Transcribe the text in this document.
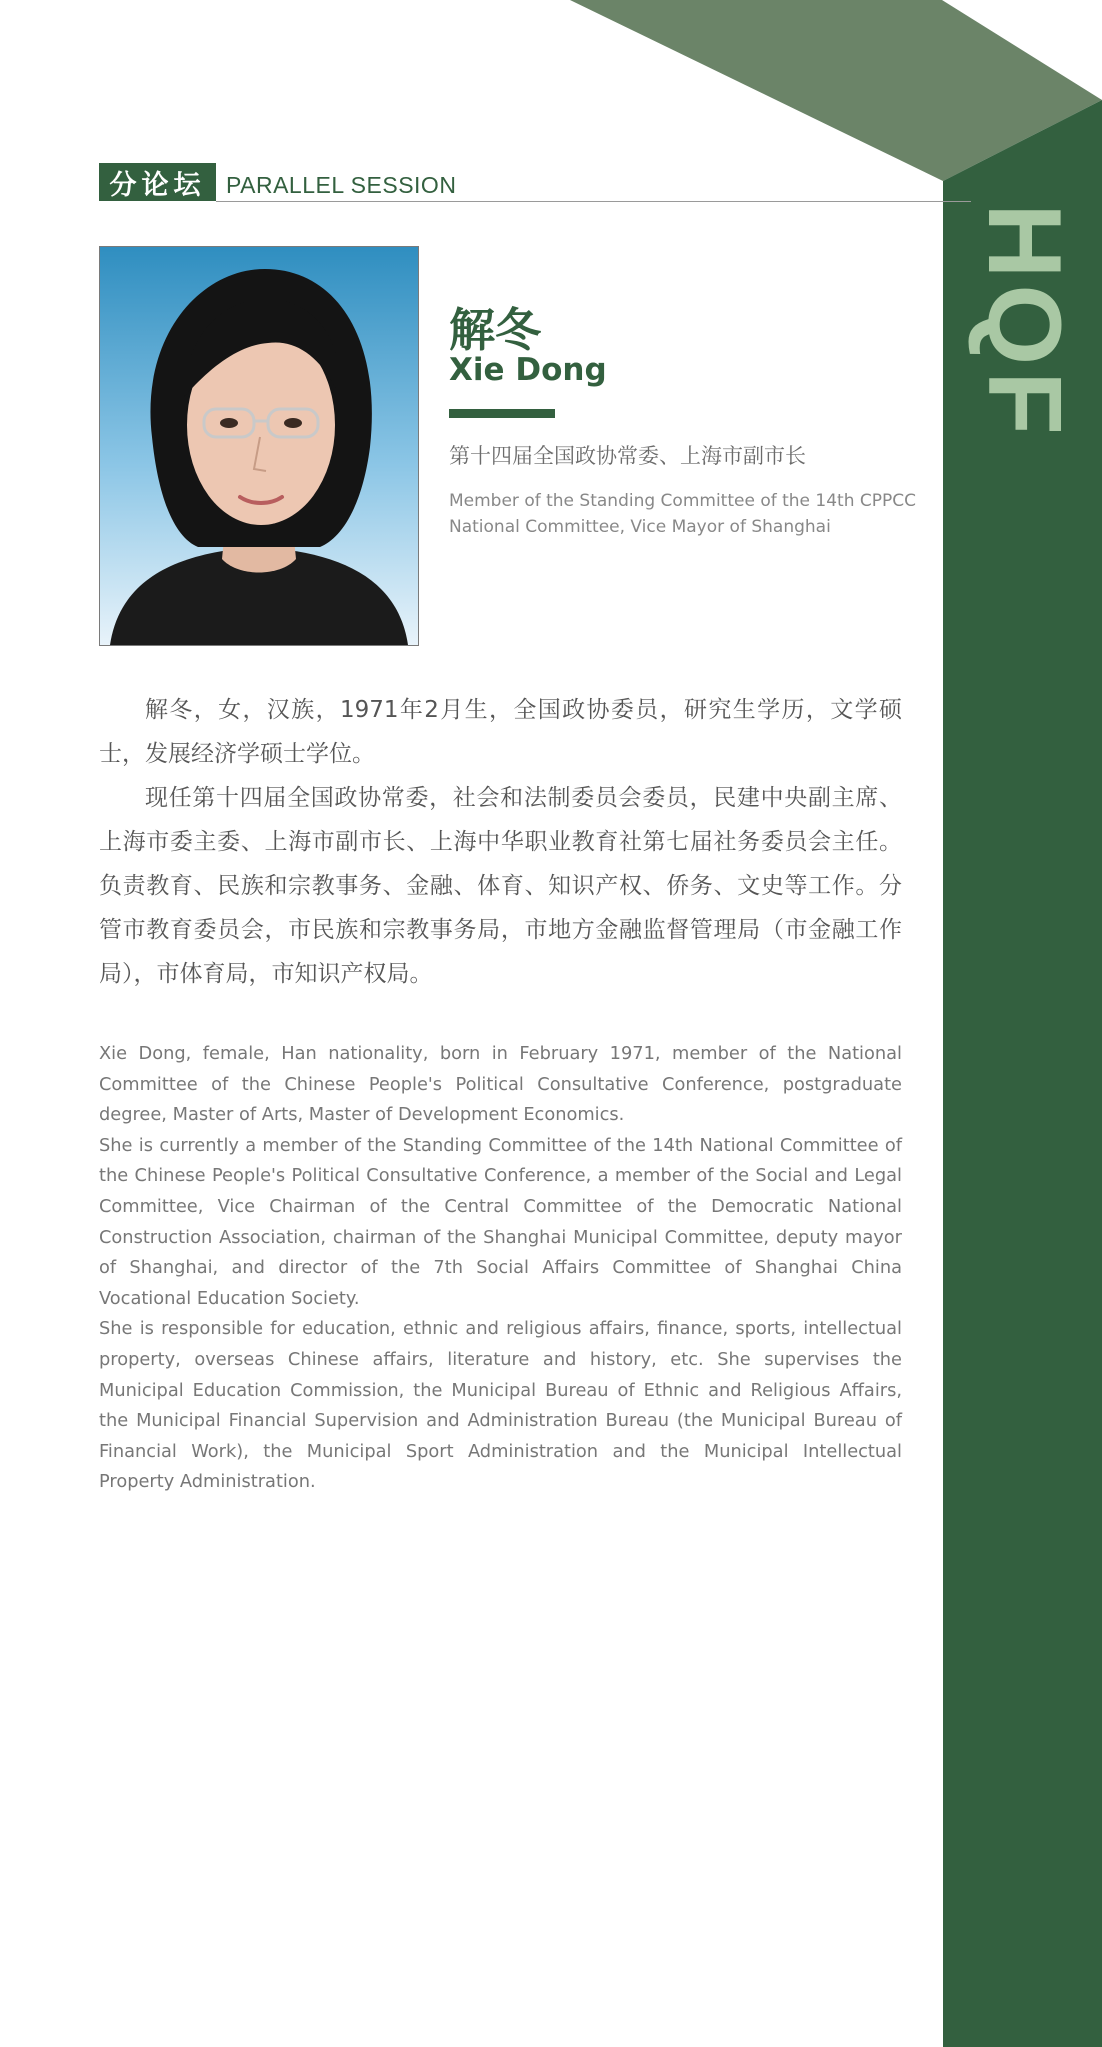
HQF
分论坛 PARALLEL SESSION
解冬
Xie Dong
第十四届全国政协常委、上海市副市长
Member of the Standing Committee of the 14th CPPCC National Committee, Vice Mayor of Shanghai

解冬，女，汉族，1971年2月生，全国政协委员，研究生学历，文学硕士，发展经济学硕士学位。

现任第十四届全国政协常委，社会和法制委员会委员，民建中央副主席、上海市委主委、上海市副市长、上海中华职业教育社第七届社务委员会主任。负责教育、民族和宗教事务、金融、体育、知识产权、侨务、文史等工作。分管市教育委员会，市民族和宗教事务局，市地方金融监督管理局（市金融工作局），市体育局，市知识产权局。

Xie Dong, female, Han nationality, born in February 1971, member of the National Committee of the Chinese People's Political Consultative Conference, postgraduate degree, Master of Arts, Master of Development Economics.

She is currently a member of the Standing Committee of the 14th National Committee of the Chinese People's Political Consultative Conference, a member of the Social and Legal Committee, Vice Chairman of the Central Committee of the Democratic National Construction Association, chairman of the Shanghai Municipal Committee, deputy mayor of Shanghai, and director of the 7th Social Affairs Committee of Shanghai China Vocational Education Society.

She is responsible for education, ethnic and religious affairs, finance, sports, intellectual property, overseas Chinese affairs, literature and history, etc. She supervises the Municipal Education Commission, the Municipal Bureau of Ethnic and Religious Affairs, the Municipal Financial Supervision and Administration Bureau (the Municipal Bureau of Financial Work), the Municipal Sport Administration and the Municipal Intellectual Property Administration.
